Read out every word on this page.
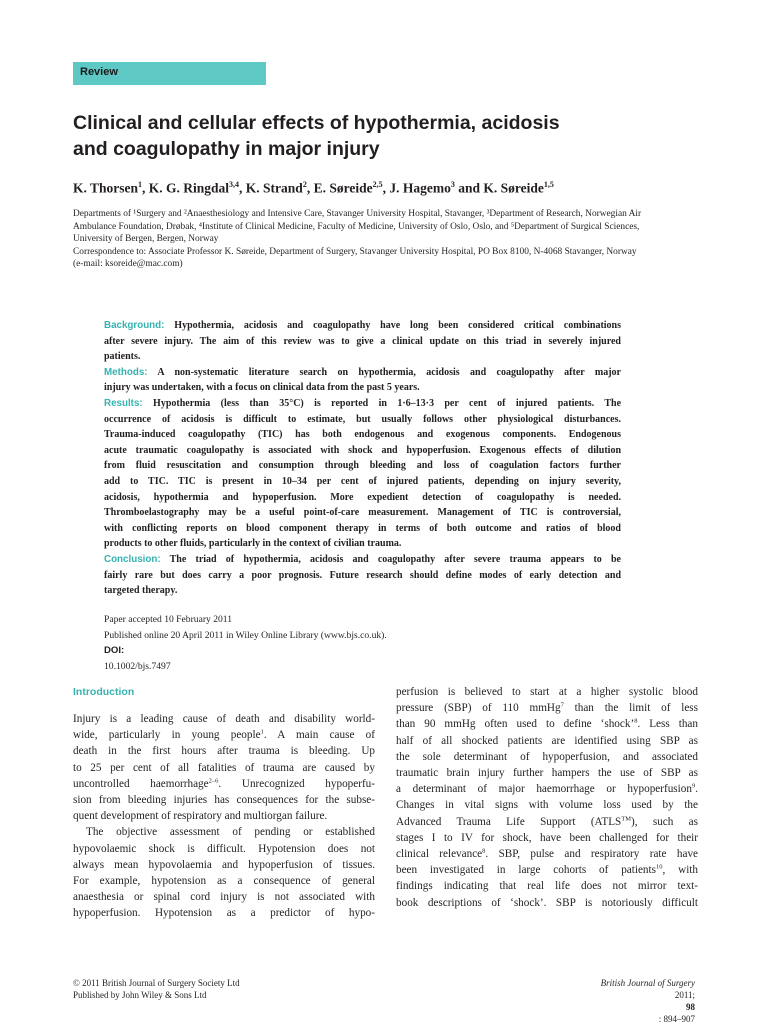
Review
Clinical and cellular effects of hypothermia, acidosis
and coagulopathy in major injury
K. Thorsen$^1$, K. G. Ringdal$^{3,4}$, K. Strand$^2$, E. Søreide$^{2,5}$, J. Hagemo$^3$ and K. Søreide$^{1,5}$
Departments of ¹Surgery and ²Anaesthesiology and Intensive Care, Stavanger University Hospital, Stavanger, ³Department of Research, Norwegian Air
Ambulance Foundation, Drøbak, ⁴Institute of Clinical Medicine, Faculty of Medicine, University of Oslo, Oslo, and ⁵Department of Surgical Sciences,
University of Bergen, Bergen, Norway
Correspondence to: Associate Professor K. Søreide, Department of Surgery, Stavanger University Hospital, PO Box 8100, N-4068 Stavanger, Norway
(e-mail: ksoreide@mac.com)
Background: Hypothermia, acidosis and coagulopathy have long been considered critical combinations
after severe injury. The aim of this review was to give a clinical update on this triad in severely injured
patients.
Methods: A non-systematic literature search on hypothermia, acidosis and coagulopathy after major
injury was undertaken, with a focus on clinical data from the past 5 years.
Results: Hypothermia (less than 35°C) is reported in 1·6–13·3 per cent of injured patients. The
occurrence of acidosis is difficult to estimate, but usually follows other physiological disturbances.
Trauma-induced coagulopathy (TIC) has both endogenous and exogenous components. Endogenous
acute traumatic coagulopathy is associated with shock and hypoperfusion. Exogenous effects of dilution
from fluid resuscitation and consumption through bleeding and loss of coagulation factors further
add to TIC. TIC is present in 10–34 per cent of injured patients, depending on injury severity,
acidosis, hypothermia and hypoperfusion. More expedient detection of coagulopathy is needed.
Thromboelastography may be a useful point-of-care measurement. Management of TIC is controversial,
with conflicting reports on blood component therapy in terms of both outcome and ratios of blood
products to other fluids, particularly in the context of civilian trauma.
Conclusion: The triad of hypothermia, acidosis and coagulopathy after severe trauma appears to be
fairly rare but does carry a poor prognosis. Future research should define modes of early detection and
targeted therapy.
Paper accepted 10 February 2011
Published online 20 April 2011 in Wiley Online Library (www.bjs.co.uk).
DOI:
10.1002/bjs.7497
Introduction
Injury is a leading cause of death and disability world-
wide, particularly in young people$^1$. A main cause of
death in the first hours after trauma is bleeding. Up
to 25 per cent of all fatalities of trauma are caused by
uncontrolled haemorrhage$^{2-6}$. Unrecognized hypoperfu-
sion from bleeding injuries has consequences for the subse-
quent development of respiratory and multiorgan failure.
The objective assessment of pending or established
hypovolaemic shock is difficult. Hypotension does not
always mean hypovolaemia and hypoperfusion of tissues.
For example, hypotension as a consequence of general
anaesthesia or spinal cord injury is not associated with
hypoperfusion. Hypotension as a predictor of hypo-
perfusion is believed to start at a higher systolic blood
pressure (SBP) of 110 mmHg$^7$ than the limit of less
than 90 mmHg often used to define ‘shock’$^8$. Less than
half of all shocked patients are identified using SBP as
the sole determinant of hypoperfusion, and associated
traumatic brain injury further hampers the use of SBP as
a determinant of major haemorrhage or hypoperfusion$^9$.
Changes in vital signs with volume loss used by the
Advanced Trauma Life Support (ATLS™), such as
stages I to IV for shock, have been challenged for their
clinical relevance$^8$. SBP, pulse and respiratory rate have
been investigated in large cohorts of patients$^{10}$, with
findings indicating that real life does not mirror text-
book descriptions of ‘shock’. SBP is notoriously difficult
© 2011 British Journal of Surgery Society Ltd
Published by John Wiley & Sons Ltd
British Journal of Surgery
2011;
98
: 894–907
